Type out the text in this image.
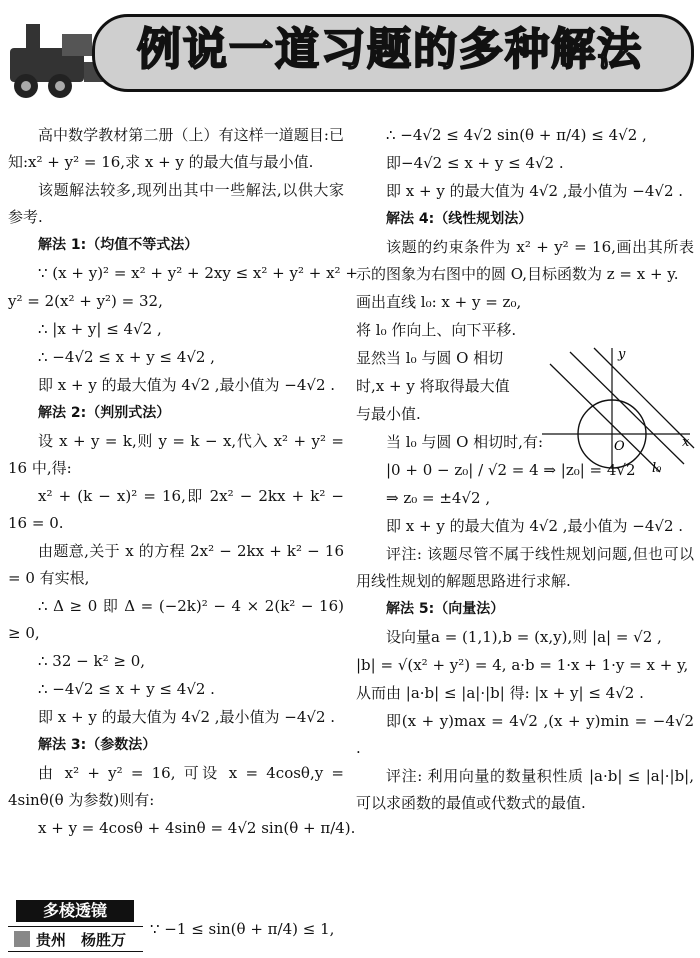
例说一道习题的多种解法

高中数学教材第二册（上）有这样一道题目:已知:x² + y² = 16,求 x + y 的最大值与最小值.

该题解法较多,现列出其中一些解法,以供大家参考.

解法 1:（均值不等式法）

∵ (x + y)² = x² + y² + 2xy ≤ x² + y² + x² +

y² = 2(x² + y²) = 32,

∴ |x + y| ≤ 4√2 ,

∴ −4√2 ≤ x + y ≤ 4√2 ,

即 x + y 的最大值为 4√2 ,最小值为 −4√2 .

解法 2:（判别式法）

设 x + y = k,则 y = k − x,代入 x² + y² = 16 中,得:

x² + (k − x)² = 16,即 2x² − 2kx + k² − 16 = 0.

由题意,关于 x 的方程 2x² − 2kx + k² − 16 = 0 有实根,

∴ Δ ≥ 0 即 Δ = (−2k)² − 4 × 2(k² − 16) ≥ 0,

∴ 32 − k² ≥ 0,

∴ −4√2 ≤ x + y ≤ 4√2 .

即 x + y 的最大值为 4√2 ,最小值为 −4√2 .

解法 3:（参数法）

由 x² + y² = 16, 可设 x = 4cosθ,y = 4sinθ(θ 为参数)则有:

x + y = 4cosθ + 4sinθ = 4√2 sin(θ + π/4).

∴ −4√2 ≤ 4√2 sin(θ + π/4) ≤ 4√2 ,

即−4√2 ≤ x + y ≤ 4√2 .

即 x + y 的最大值为 4√2 ,最小值为 −4√2 .

解法 4:（线性规划法）

该题的约束条件为 x² + y² = 16,画出其所表示的图象为右图中的圆 O,目标函数为 z = x + y.

画出直线 l₀: x + y = z₀,

将 l₀ 作向上、向下平移.

显然当 l₀ 与圆 O 相切

时,x + y 将取得最大值

与最小值.

当 l₀ 与圆 O 相切时,有:

|0 + 0 − z₀| / √2 = 4 ⇒ |z₀| = 4√2

⇒ z₀ = ±4√2 ,

即 x + y 的最大值为 4√2 ,最小值为 −4√2 .

评注: 该题尽管不属于线性规划问题,但也可以用线性规划的解题思路进行求解.

解法 5:（向量法）

设向量a = (1,1),b = (x,y),则 |a| = √2 ,

|b| = √(x² + y²) = 4, a·b = 1·x + 1·y = x + y,

从而由 |a·b| ≤ |a|·|b| 得: |x + y| ≤ 4√2 .

即(x + y)max = 4√2 ,(x + y)min = −4√2 .

评注: 利用向量的数量积性质 |a·b| ≤ |a|·|b|,可以求函数的最值或代数式的最值.

y
x
O
l₀
多棱透镜
贵州　杨胜万
∵ −1 ≤ sin(θ + π/4) ≤ 1,
